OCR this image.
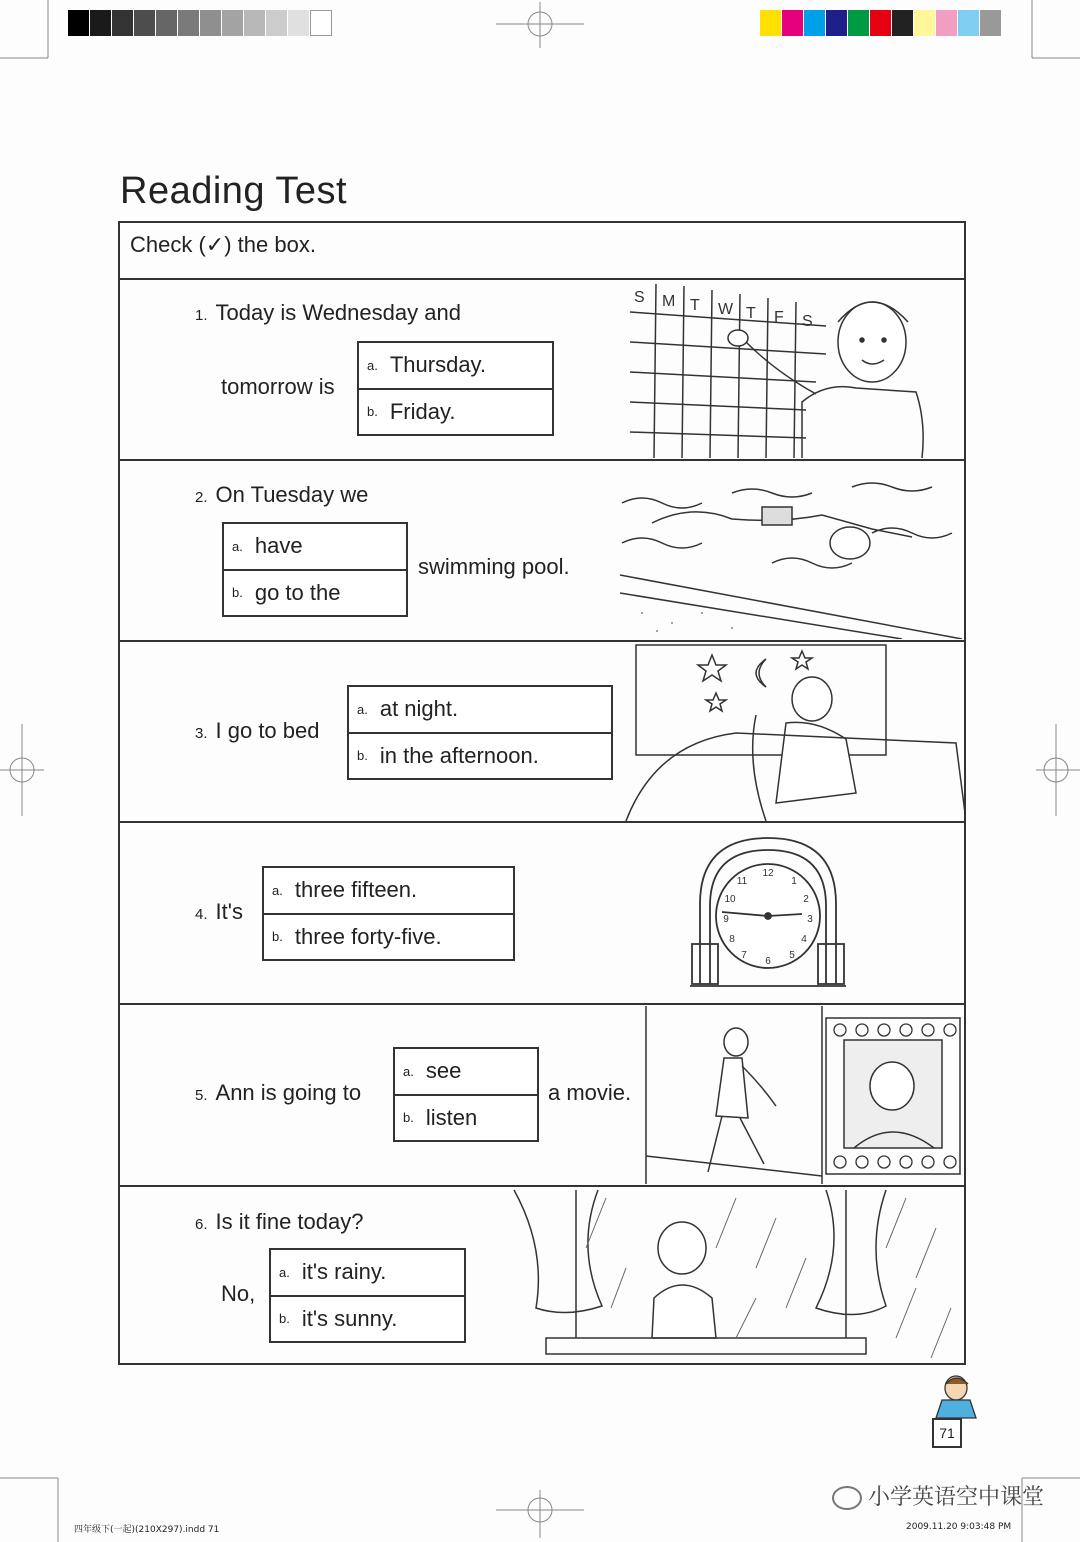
Reading Test
Check (✓) the box.
1. Today is Wednesday and
tomorrow is
a. Thursday.
b. Friday.
S M T W T F S
2. On Tuesday we
a. have
b. go to the
swimming pool.
3. I go to bed
a. at night.
b. in the afternoon.
4. It's
a. three fifteen.
b. three forty-five.
12
1
2
3
4
5
6
7
8
9
10
11
5. Ann is going to
a. see
b. listen
a movie.
6. Is it fine today?
No,
a. it's rainy.
b. it's sunny.
71
小学英语空中课堂
四年级下(一起)(210X297).indd 71	2009.11.20 9:03:48 PM
